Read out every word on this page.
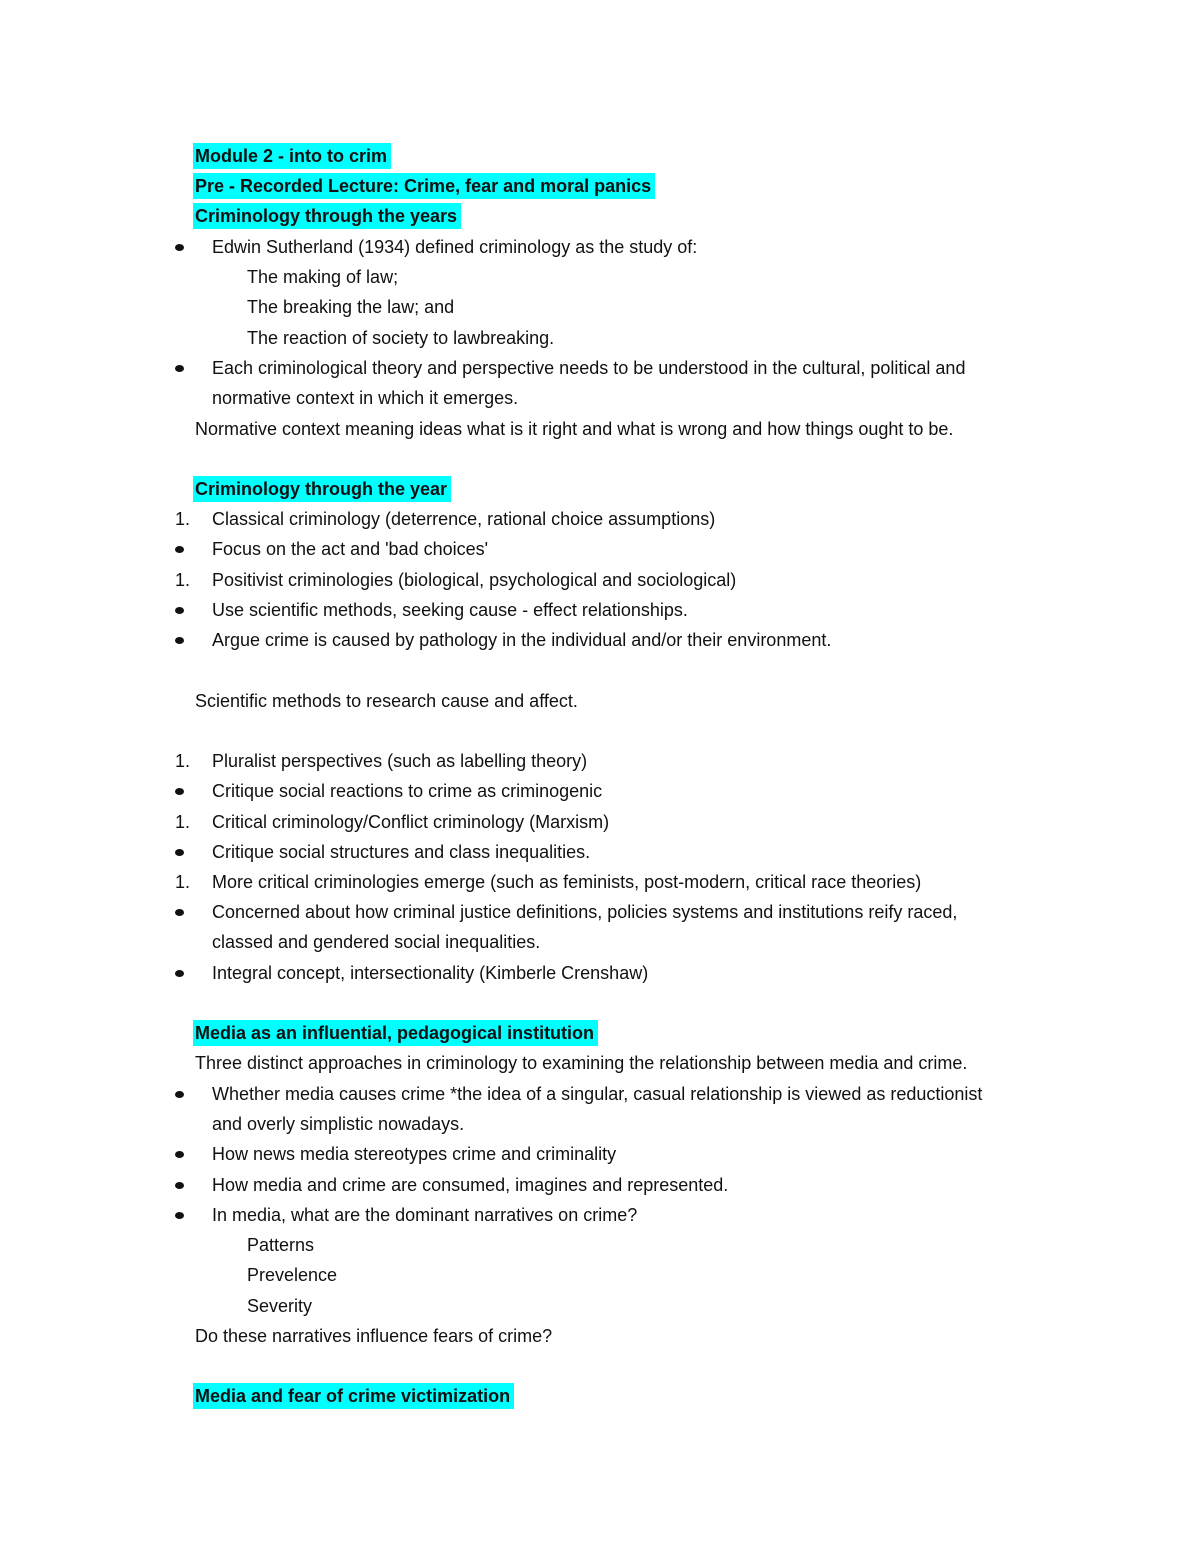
Module 2 - into to crim
Pre - Recorded Lecture: Crime, fear and moral panics
Criminology through the years
Edwin Sutherland (1934) defined criminology as the study of:
The making of law;
The breaking the law; and
The reaction of society to lawbreaking.
Each criminological theory and perspective needs to be understood in the cultural, political and
normative context in which it emerges.
Normative context meaning ideas what is it right and what is wrong and how things ought to be.
Criminology through the year
1. Classical criminology (deterrence, rational choice assumptions)
Focus on the act and 'bad choices'
1. Positivist criminologies (biological, psychological and sociological)
Use scientific methods, seeking cause - effect relationships.
Argue crime is caused by pathology in the individual and/or their environment.
Scientific methods to research cause and affect.
1. Pluralist perspectives (such as labelling theory)
Critique social reactions to crime as criminogenic
1. Critical criminology/Conflict criminology (Marxism)
Critique social structures and class inequalities.
1. More critical criminologies emerge (such as feminists, post-modern, critical race theories)
Concerned about how criminal justice definitions, policies systems and institutions reify raced,
classed and gendered social inequalities.
Integral concept, intersectionality (Kimberle Crenshaw)
Media as an influential, pedagogical institution
Three distinct approaches in criminology to examining the relationship between media and crime.
Whether media causes crime *the idea of a singular, casual relationship is viewed as reductionist
and overly simplistic nowadays.
How news media stereotypes crime and criminality
How media and crime are consumed, imagines and represented.
In media, what are the dominant narratives on crime?
Patterns
Prevelence
Severity
Do these narratives influence fears of crime?
Media and fear of crime victimization
